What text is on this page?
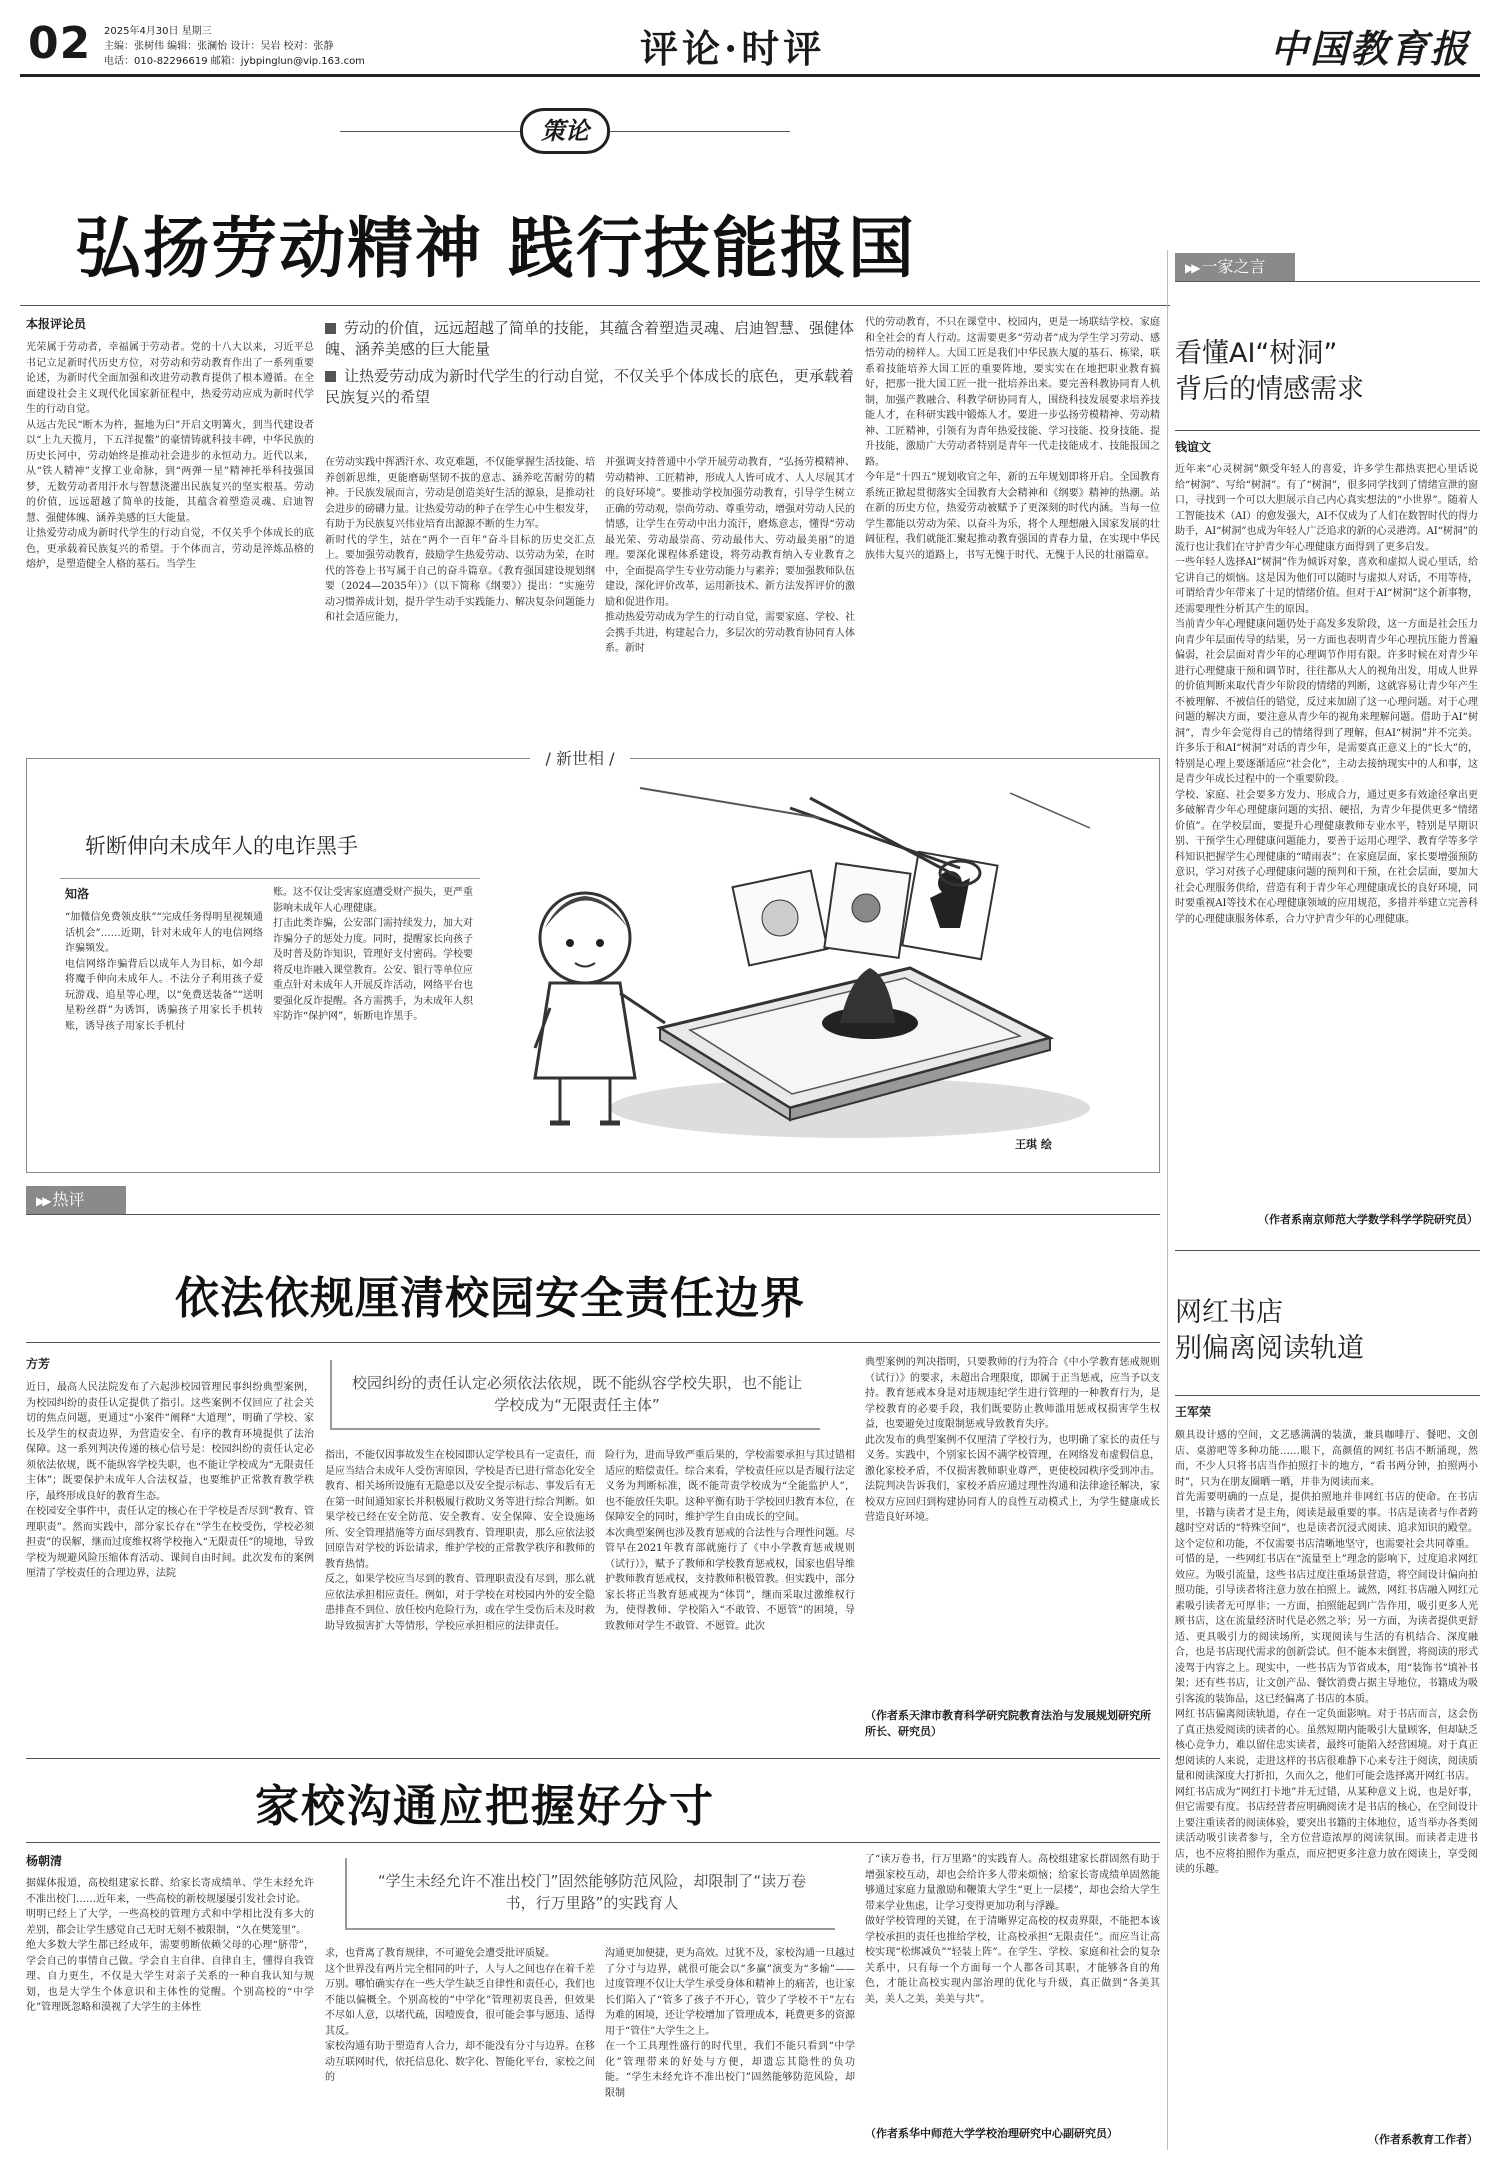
02 2025年4月30日 星期三
主编：张树伟 编辑：张澜怡 设计：吴岩 校对：张静
电话：010-82296619 邮箱：jybpinglun@vip.163.com	评论·时评	中国教育报
策论
弘扬劳动精神 践行技能报国
本报评论员	劳动的价值，远远超越了简单的技能，其蕴含着塑造灵魂、启迪智慧、强健体魄、涵养美感的巨大能量
让热爱劳动成为新时代学生的行动自觉，不仅关乎个体成长的底色，更承载着民族复兴的希望
光荣属于劳动者，幸福属于劳动者。党的十八大以来，习近平总书记立足新时代历史方位，对劳动和劳动教育作出了一系列重要论述，为新时代全面加强和改进劳动教育提供了根本遵循。在全面建设社会主义现代化国家新征程中，热爱劳动应成为新时代学生的行动自觉。
从远古先民“断木为杵，掘地为臼”开启文明篝火，到当代建设者以“上九天揽月，下五洋捉鳖”的豪情铸就科技丰碑，中华民族的历史长河中，劳动始终是推动社会进步的永恒动力。近代以来，从“铁人精神”支撑工业命脉，到“两弹一星”精神托举科技强国梦，无数劳动者用汗水与智慧浇灌出民族复兴的坚实根基。劳动的价值，远远超越了简单的技能，其蕴含着塑造灵魂、启迪智慧、强健体魄、涵养美感的巨大能量。
让热爱劳动成为新时代学生的行动自觉，不仅关乎个体成长的底色，更承载着民族复兴的希望。于个体而言，劳动是淬炼品格的熔炉，是塑造健全人格的基石。当学生
在劳动实践中挥洒汗水、攻克难题，不仅能掌握生活技能、培养创新思维，更能磨砺坚韧不拔的意志、涵养吃苦耐劳的精神。于民族发展而言，劳动是创造美好生活的源泉，是推动社会进步的磅礴力量。让热爱劳动的种子在学生心中生根发芽，有助于为民族复兴伟业培育出源源不断的生力军。
新时代的学生，站在“两个一百年”奋斗目标的历史交汇点上。要加强劳动教育，鼓励学生热爱劳动、以劳动为荣，在时代的答卷上书写属于自己的奋斗篇章。《教育强国建设规划纲要（2024—2035年）》（以下简称《纲要》）提出：“实施劳动习惯养成计划，提升学生动手实践能力、解决复杂问题能力和社会适应能力，
并强调支持普通中小学开展劳动教育，“弘扬劳模精神、劳动精神、工匠精神，形成人人皆可成才、人人尽展其才的良好环境”。要推动学校加强劳动教育，引导学生树立正确的劳动观，崇尚劳动、尊重劳动，增强对劳动人民的情感，让学生在劳动中出力流汗，磨炼意志，懂得“劳动最光荣、劳动最崇高、劳动最伟大、劳动最美丽”的道理。要深化课程体系建设，将劳动教育纳入专业教育之中，全面提高学生专业劳动能力与素养；要加强教师队伍建设，深化评价改革，运用新技术、新方法发挥评价的激励和促进作用。
推动热爱劳动成为学生的行动自觉，需要家庭、学校、社会携手共进，构建起合力，多层次的劳动教育协同育人体系。新时
代的劳动教育，不只在课堂中、校园内，更是一场联结学校、家庭和全社会的育人行动。这需要更多“劳动者”成为学生学习劳动、感悟劳动的榜样人。大国工匠是我们中华民族大厦的基石、栋梁，联系着技能培养大国工匠的重要阵地，要实实在在地把职业教育搞好，把那一批大国工匠一批一批培养出来。要完善科教协同育人机制，加强产教融合、科教学研协同育人，围绕科技发展要求培养技能人才，在科研实践中锻炼人才。要进一步弘扬劳模精神、劳动精神、工匠精神，引领有为青年热爱技能、学习技能、投身技能、提升技能，激励广大劳动者特别是青年一代走技能成才、技能报国之路。
今年是“十四五”规划收官之年，新的五年规划即将开启。全国教育系统正掀起贯彻落实全国教育大会精神和《纲要》精神的热潮。站在新的历史方位，热爱劳动被赋予了更深刻的时代内涵。当每一位学生都能以劳动为荣、以奋斗为乐，将个人理想融入国家发展的壮阔征程，我们就能汇聚起推动教育强国的青春力量，在实现中华民族伟大复兴的道路上，书写无愧于时代、无愧于人民的壮丽篇章。
▶▶ 一家之言
看懂AI“树洞”
背后的情感需求
钱谊文
近年来“心灵树洞”颇受年轻人的喜爱，许多学生都热衷把心里话说给“树洞”、写给“树洞”。有了“树洞”，很多同学找到了情绪宣泄的窗口，寻找到一个可以大胆展示自己内心真实想法的“小世界”。随着人工智能技术（AI）的愈发强大，AI不仅成为了人们在数智时代的得力助手，AI“树洞”也成为年轻人广泛追求的新的心灵港湾。AI“树洞”的流行也让我们在守护青少年心理健康方面得到了更多启发。
一些年轻人选择AI“树洞”作为倾诉对象，喜欢和虚拟人说心里话，给它讲自己的烦恼。这是因为他们可以随时与虚拟人对话，不用等待，可谓给青少年带来了十足的情绪价值。但对于AI“树洞”这个新事物，还需要理性分析其产生的原因。
当前青少年心理健康问题仍处于高发多发阶段，这一方面是社会压力向青少年层面传导的结果，另一方面也表明青少年心理抗压能力普遍偏弱，社会层面对青少年的心理调节作用有限。许多时候在对青少年进行心理健康干预和调节时，往往都从大人的视角出发，用成人世界的价值判断来取代青少年阶段的情绪的判断，这就容易让青少年产生不被理解、不被信任的错觉，反过来加剧了这一心理问题。对于心理问题的解决方面，要注意从青少年的视角来理解问题。借助于AI“树洞”，青少年会觉得自己的情绪得到了理解，但AI“树洞”并不完美。许多乐于和AI“树洞”对话的青少年，是需要真正意义上的“长大”的，特别是心理上要逐渐适应“社会化”，主动去接纳现实中的人和事，这是青少年成长过程中的一个重要阶段。
学校、家庭、社会要多方发力、形成合力，通过更多有效途径拿出更多破解青少年心理健康问题的实招、硬招，为青少年提供更多“情绪价值”。在学校层面，要提升心理健康教师专业水平，特别是早期识别、干预学生心理健康问题能力，要善于运用心理学、教育学等多学科知识把握学生心理健康的“晴雨表”；在家庭层面，家长要增强预防意识，学习对孩子心理健康问题的预判和干预，在社会层面，要加大社会心理服务供给，营造有利于青少年心理健康成长的良好环境，同时要重视AI等技术在心理健康领域的应用规范，多措并举建立完善科学的心理健康服务体系，合力守护青少年的心理健康。
（作者系南京师范大学数学科学学院研究员）
/ 新世相 /
斩断伸向未成年人的电诈黑手
知洛
“加微信免费领皮肤”“完成任务得明星视频通话机会”……近期，针对未成年人的电信网络诈骗频发。
电信网络诈骗背后以成年人为目标，如今却将魔手伸向未成年人。不法分子利用孩子爱玩游戏、追星等心理，以“免费送装备”“送明星粉丝群”为诱饵，诱骗孩子用家长手机转账，诱导孩子用家长手机付
账。这不仅让受害家庭遭受财产损失，更严重影响未成年人心理健康。
打击此类诈骗，公安部门需持续发力，加大对诈骗分子的惩处力度。同时，提醒家长向孩子及时普及防诈知识，管理好支付密码。学校要将反电诈融入课堂教育。公安、银行等单位应重点针对未成年人开展反诈活动，网络平台也要强化反诈提醒。各方需携手，为未成年人织牢防诈“保护网”，斩断电诈黑手。
王琪 绘
▶▶ 热评
依法依规厘清校园安全责任边界
方芳
校园纠纷的责任认定必须依法依规，既不能纵容学校失职，也不能让学校成为“无限责任主体”
近日，最高人民法院发布了六起涉校园管理民事纠纷典型案例，为校园纠纷的责任认定提供了指引。这些案例不仅回应了社会关切的焦点问题，更通过“小案件”阐释“大道理”，明确了学校、家长及学生的权责边界，为营造安全、有序的教育环境提供了法治保障。这一系列判决传递的核心信号是：校园纠纷的责任认定必须依法依规，既不能纵容学校失职，也不能让学校成为“无限责任主体”；既要保护未成年人合法权益，也要维护正常教育教学秩序，最终形成良好的教育生态。
在校园安全事件中，责任认定的核心在于学校是否尽到“教育、管理职责”。然而实践中，部分家长存在“学生在校受伤，学校必须担责”的误解，继而过度维权将学校拖入“无限责任”的境地，导致学校为规避风险压缩体育活动、课间自由时间。此次发布的案例厘清了学校责任的合理边界，法院
指出，不能仅因事故发生在校园即认定学校具有一定责任，而是应当结合未成年人受伤害原因，学校是否已进行常态化安全教育、相关场所设施有无隐患以及安全提示标志、事发后有无在第一时间通知家长并积极履行救助义务等进行综合判断。如果学校已经在安全防范、安全教育、安全保障、安全设施场所、安全管理措施等方面尽到教育、管理职责，那么应依法驳回原告对学校的诉讼请求，维护学校的正常教学秩序和教师的教育热情。
反之，如果学校应当尽到的教育、管理职责没有尽到，那么就应依法承担相应责任。例如，对于学校在对校园内外的安全隐患排查不到位、放任校内危险行为，或在学生受伤后未及时救助导致损害扩大等情形，学校应承担相应的法律责任。
险行为，进而导致严重后果的，学校需要承担与其过错相适应的赔偿责任。综合来看，学校责任应以是否履行法定义务为判断标准，既不能苛责学校成为“全能监护人”，也不能放任失职。这种平衡有助于学校回归教育本位，在保障安全的同时，维护学生自由成长的空间。
本次典型案例也涉及教育惩戒的合法性与合理性问题。尽管早在2021年教育部就施行了《中小学教育惩戒规则（试行）》，赋予了教师和学校教育惩戒权，国家也倡导维护教师教育惩戒权，支持教师积极管教。但实践中，部分家长将正当教育惩戒视为“体罚”，继而采取过激维权行为，使得教师、学校陷入“不敢管、不愿管”的困境，导致教师对学生不敢管、不愿管。此次
典型案例的判决指明，只要教师的行为符合《中小学教育惩戒规则（试行）》的要求，未超出合理限度，即属于正当惩戒，应当予以支持。教育惩戒本身是对违规违纪学生进行管理的一种教育行为，是学校教育的必要手段，我们既要防止教师滥用惩戒权损害学生权益，也要避免过度限制惩戒导致教育失序。
此次发布的典型案例不仅厘清了学校行为，也明确了家长的责任与义务。实践中，个别家长因不满学校管理，在网络发布虚假信息，激化家校矛盾，不仅损害教师职业尊严，更使校园秩序受到冲击。法院判决告诉我们，家校矛盾应通过理性沟通和法律途径解决，家校双方应回归到构建协同育人的良性互动模式上，为学生健康成长营造良好环境。
（作者系天津市教育科学研究院教育法治与发展规划研究所所长、研究员）
网红书店
别偏离阅读轨道
王军荣
颇具设计感的空间，文艺感满满的装潢，兼具咖啡厅、餐吧、文创店、桌游吧等多种功能……眼下，高颜值的网红书店不断涌现，然而，不少人只将书店当作拍照打卡的地方，“看书两分钟，拍照两小时”，只为在朋友圈晒一晒，并非为阅读而来。
首先需要明确的一点是，提供拍照地并非网红书店的使命。在书店里，书籍与读者才是主角，阅读是最重要的事。书店是读者与作者跨越时空对话的“特殊空间”，也是读者沉浸式阅读、追求知识的殿堂。这个定位和功能，不仅需要书店清晰地坚守，也需要社会共同尊重。
可惜的是，一些网红书店在“流量至上”理念的影响下，过度追求网红效应。为吸引流量，这些书店过度注重场景营造，将空间设计偏向拍照功能，引导读者将注意力放在拍照上。诚然，网红书店融入网红元素吸引读者无可厚非；一方面，拍照能起到广告作用，吸引更多人光顾书店，这在流量经济时代是必然之举；另一方面，为读者提供更舒适、更具吸引力的阅读场所，实现阅读与生活的有机结合、深度融合，也是书店现代需求的创新尝试。但不能本末倒置，将阅读的形式凌驾于内容之上。现实中，一些书店为节省成本，用“装饰书”填补书架；还有些书店，让文创产品、餐饮消费占据主导地位，书籍成为吸引客流的装饰品，这已经偏离了书店的本质。
网红书店偏离阅读轨道，存在一定负面影响。对于书店而言，这会伤了真正热爱阅读的读者的心。虽然短期内能吸引大量顾客，但却缺乏核心竞争力，难以留住忠实读者，最终可能陷入经营困境。对于真正想阅读的人来说，走进这样的书店很难静下心来专注于阅读，阅读质量和阅读深度大打折扣，久而久之，他们可能会选择离开网红书店。
网红书店成为“网红打卡地”并无过错，从某种意义上说，也是好事，但它需要有度。书店经营者应明确阅读才是书店的核心，在空间设计上要注重读者的阅读体验，要突出书籍的主体地位，适当举办各类阅读活动吸引读者参与，全方位营造浓厚的阅读氛围。而读者走进书店，也不应将拍照作为重点，而应把更多注意力放在阅读上，享受阅读的乐趣。
（作者系教育工作者）
家校沟通应把握好分寸
杨朝清
“学生未经允许不准出校门”固然能够防范风险，却限制了“读万卷书，行万里路”的实践育人
据媒体报道，高校组建家长群、给家长寄成绩单、学生未经允许不准出校门……近年来，一些高校的新校规屡屡引发社会讨论。
明明已经上了大学，一些高校的管理方式和中学相比没有多大的差别，都会让学生感觉自己无时无刻不被限制，“久在樊笼里”。
绝大多数大学生都已经成年，需要剪断依赖父母的心理“脐带”，学会自己的事情自己做。学会自主自律、自律自主，懂得自我管理、自力更生，不仅是大学生对亲子关系的一种自我认知与规划，也是大学生个体意识和主体性的觉醒。个别高校的“中学化”管理既忽略和漠视了大学生的主体性
求，也背离了教育规律，不可避免会遭受批评质疑。
这个世界没有两片完全相同的叶子，人与人之间也存在着千差万别。哪怕确实存在一些大学生缺乏自律性和责任心，我们也不能以偏概全。个别高校的“中学化”管理初衷良善，但效果不尽如人意，以堵代疏，因噎废食，很可能会事与愿违、适得其反。
家校沟通有助于塑造育人合力，却不能没有分寸与边界。在移动互联网时代，依托信息化、数字化、智能化平台，家校之间的
沟通更加便捷，更为高效。过犹不及，家校沟通一旦越过了分寸与边界，就很可能会以“多赢”演变为“多输”——过度管理不仅让大学生承受身体和精神上的痛苦，也让家长们陷入了“管多了孩子不开心，管少了学校不干”左右为难的困境，还让学校增加了管理成本，耗费更多的资源用于“管住”大学生之上。
在一个工具理性盛行的时代里，我们不能只看到“中学化”管理带来的好处与方便，却遗忘其隐性的负功能。“学生未经允许不准出校门”固然能够防范风险，却限制
了“读万卷书，行万里路”的实践育人。高校组建家长群固然有助于增强家校互动，却也会给许多人带来烦恼；给家长寄成绩单固然能够通过家庭力量激励和鞭策大学生“更上一层楼”，却也会给大学生带来学业焦虑，让学习变得更加功利与浮躁。
做好学校管理的关键，在于清晰界定高校的权责界限，不能把本该学校承担的责任也推给学校，让高校承担“无限责任”。而应当让高校实现“松绑减负”“轻装上阵”。在学生、学校、家庭和社会的复杂关系中，只有每一个方面每一个人都各司其职，才能够各自的角色，才能让高校实现内部治理的优化与升级，真正做到“各美其美，美人之美，美美与共”。
（作者系华中师范大学学校治理研究中心副研究员）
